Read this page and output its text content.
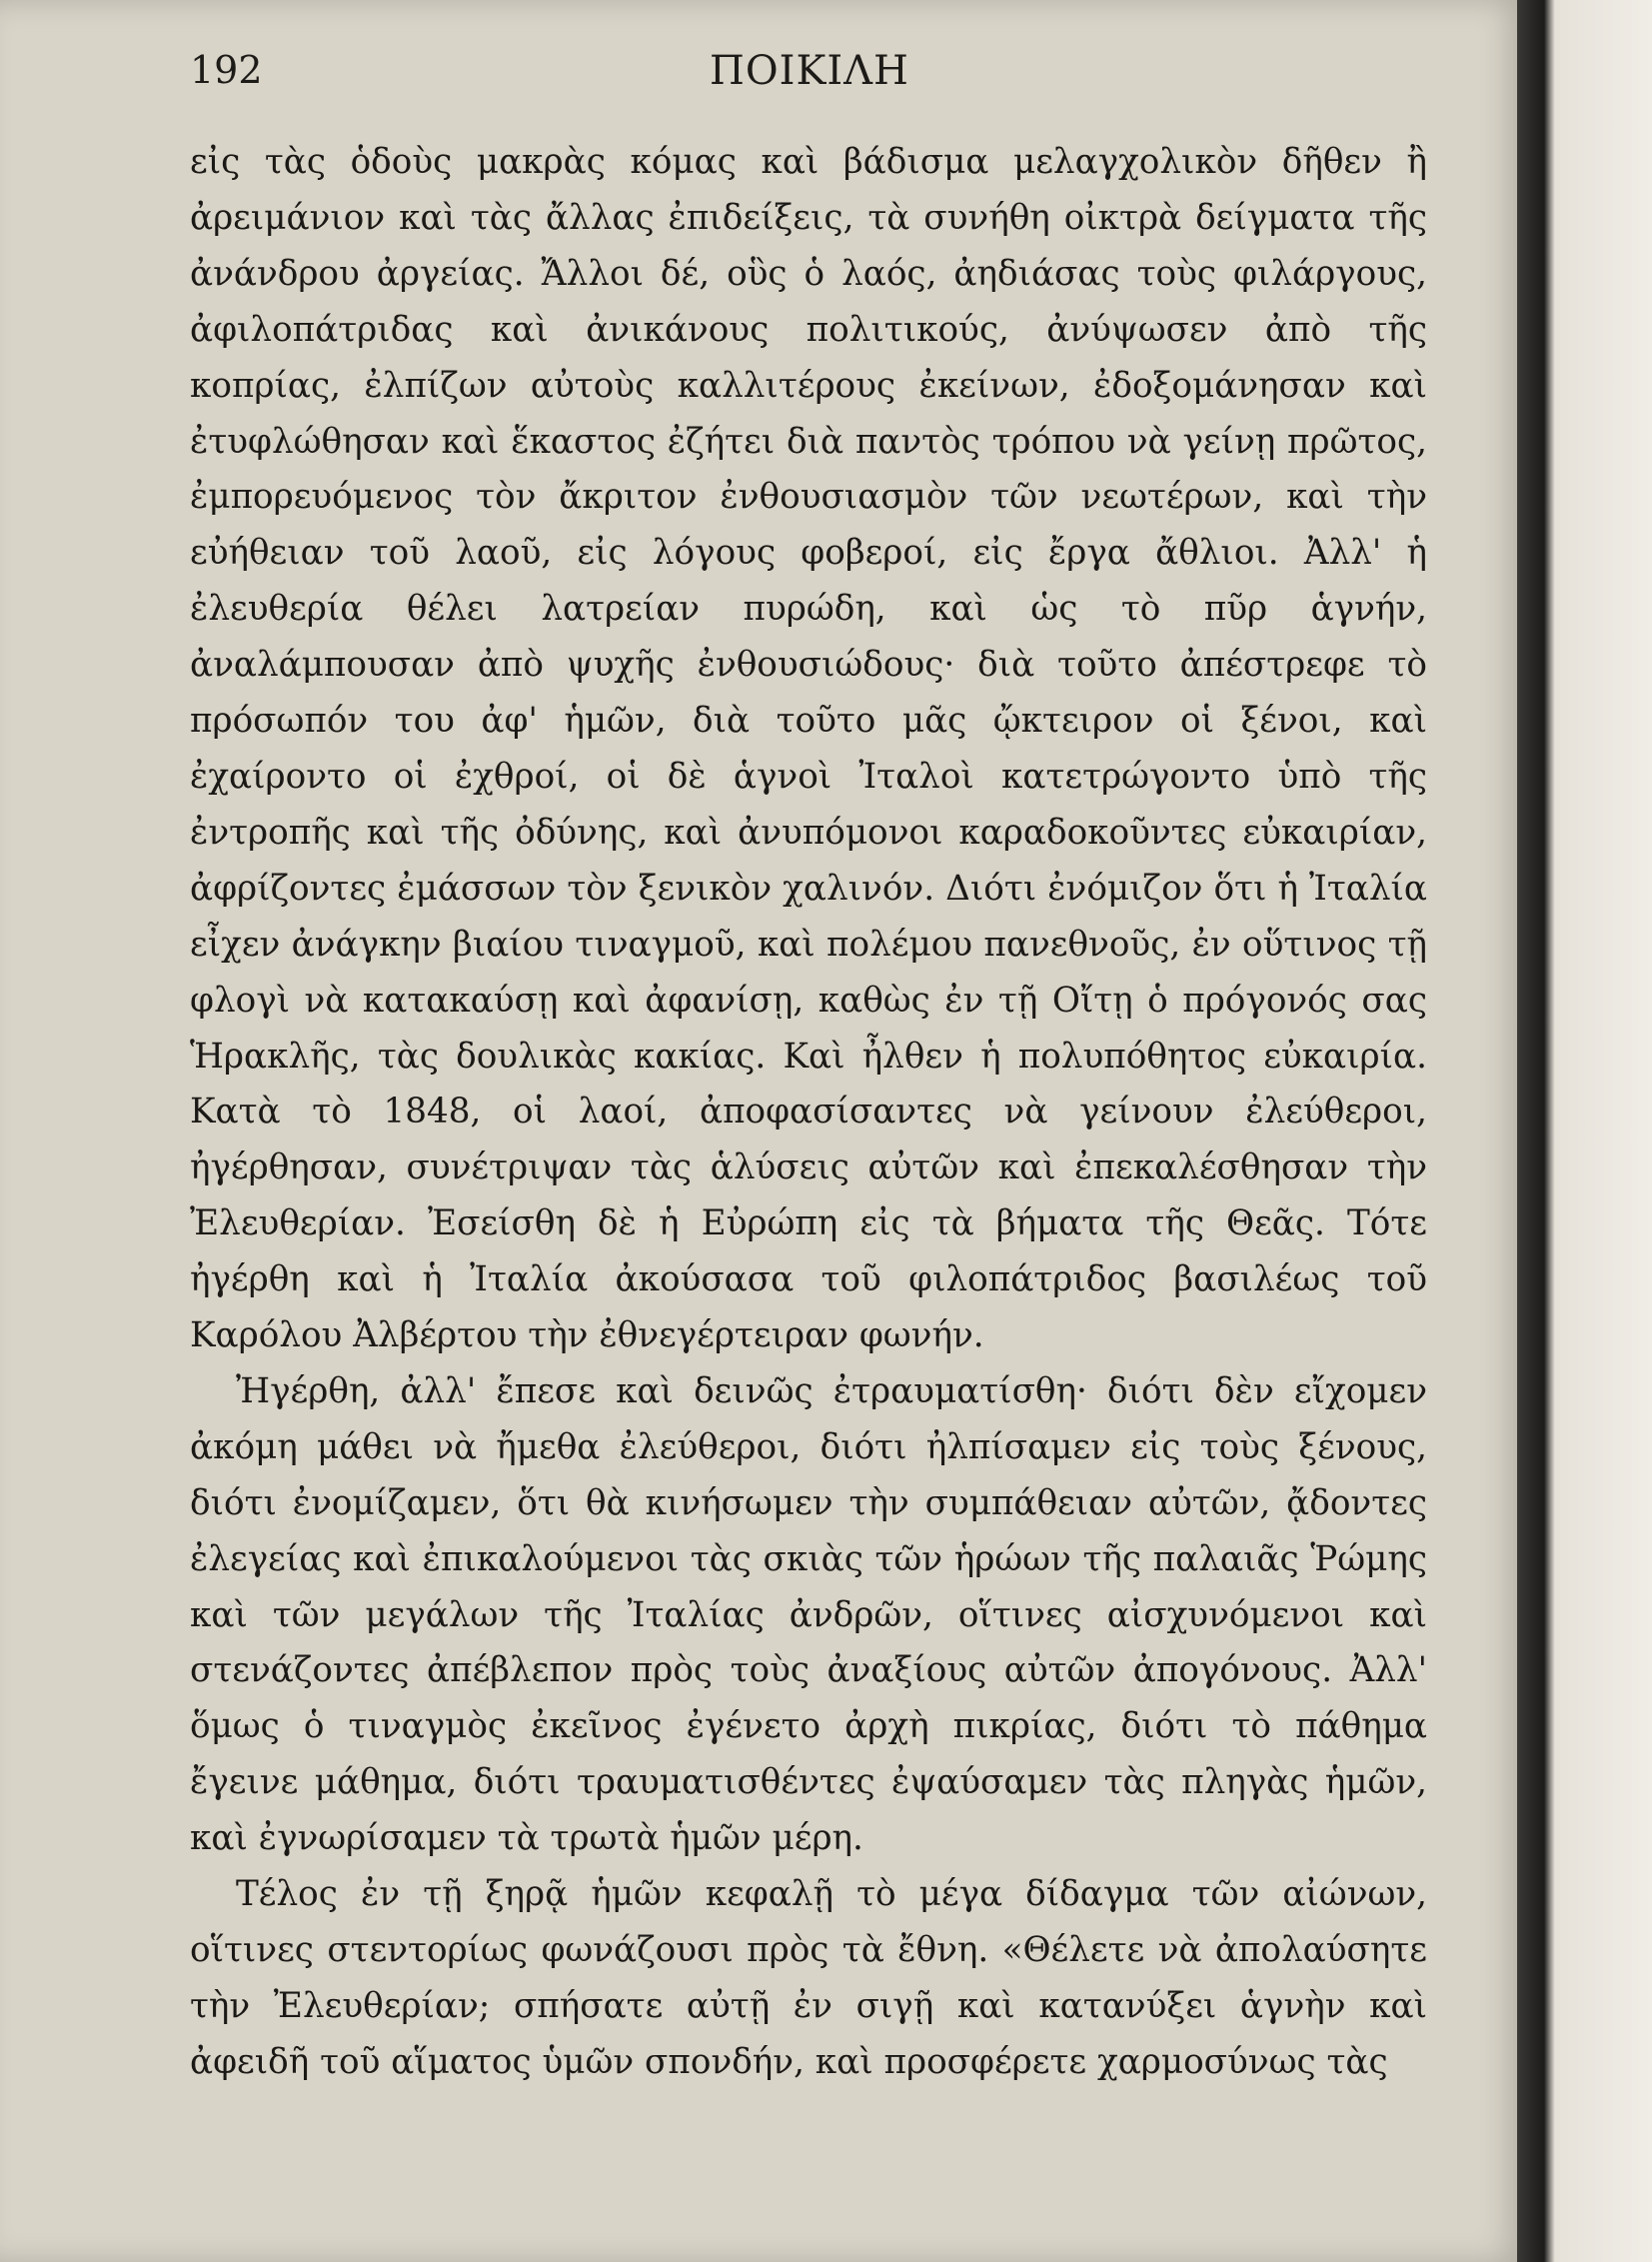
192	ΠΟΙΚΙΛΗ

εἰς τὰς ὁδοὺς μακρὰς κόμας καὶ βάδισμα μελαγχολικὸν δῆθεν ἢ ἀρειμάνιον καὶ τὰς ἄλλας ἐπιδείξεις, τὰ συνήθη οἰκτρὰ δείγματα τῆς ἀνάνδρου ἀργείας. Ἄλλοι δέ, οὓς ὁ λαός, ἀηδιάσας τοὺς φιλάργους, ἀφιλοπάτριδας καὶ ἀνικάνους πολιτικούς, ἀνύψωσεν ἀπὸ τῆς κοπρίας, ἐλπίζων αὐτοὺς καλλιτέρους ἐκείνων, ἐδοξομάνησαν καὶ ἐτυφλώθησαν καὶ ἕκαστος ἐζήτει διὰ παντὸς τρόπου νὰ γείνῃ πρῶτος, ἐμπορευόμενος τὸν ἄκριτον ἐνθουσιασμὸν τῶν νεωτέρων, καὶ τὴν εὐήθειαν τοῦ λαοῦ, εἰς λόγους φοβεροί, εἰς ἔργα ἄθλιοι. Ἀλλ' ἡ ἐλευθερία θέλει λατρείαν πυρώδη, καὶ ὡς τὸ πῦρ ἁγνήν, ἀναλάμπουσαν ἀπὸ ψυχῆς ἐνθουσιώδους· διὰ τοῦτο ἀπέστρεφε τὸ πρόσωπόν του ἀφ' ἡμῶν, διὰ τοῦτο μᾶς ᾤκτειρον οἱ ξένοι, καὶ ἐχαίροντο οἱ ἐχθροί, οἱ δὲ ἁγνοὶ Ἰταλοὶ κατετρώγοντο ὑπὸ τῆς ἐντροπῆς καὶ τῆς ὀδύνης, καὶ ἀνυπόμονοι καραδοκοῦντες εὐκαιρίαν, ἀφρίζοντες ἐμάσσων τὸν ξενικὸν χαλινόν. Διότι ἐνόμιζον ὅτι ἡ Ἰταλία εἶχεν ἀνάγκην βιαίου τιναγμοῦ, καὶ πολέμου πανεθνοῦς, ἐν οὕτινος τῇ φλογὶ νὰ κατακαύσῃ καὶ ἀφανίσῃ, καθὼς ἐν τῇ Οἴτῃ ὁ πρόγονός σας Ἡρακλῆς, τὰς δουλικὰς κακίας. Καὶ ἦλθεν ἡ πολυπόθητος εὐκαιρία. Κατὰ τὸ 1848, οἱ λαοί, ἀποφασίσαντες νὰ γείνουν ἐλεύθεροι, ἠγέρθησαν, συνέτριψαν τὰς ἁλύσεις αὐτῶν καὶ ἐπεκαλέσθησαν τὴν Ἐλευθερίαν. Ἐσείσθη δὲ ἡ Εὐρώπη εἰς τὰ βήματα τῆς Θεᾶς. Τότε ἠγέρθη καὶ ἡ Ἰταλία ἀκούσασα τοῦ φιλοπάτριδος βασιλέως τοῦ Καρόλου Ἀλβέρτου τὴν ἐθνεγέρτειραν φωνήν.

Ἠγέρθη, ἀλλ' ἔπεσε καὶ δεινῶς ἐτραυματίσθη· διότι δὲν εἴχομεν ἀκόμη μάθει νὰ ἤμεθα ἐλεύθεροι, διότι ἠλπίσαμεν εἰς τοὺς ξένους, διότι ἐνομίζαμεν, ὅτι θὰ κινήσωμεν τὴν συμπάθειαν αὐτῶν, ᾄδοντες ἐλεγείας καὶ ἐπικαλούμενοι τὰς σκιὰς τῶν ἡρώων τῆς παλαιᾶς Ῥώμης καὶ τῶν μεγάλων τῆς Ἰταλίας ἀνδρῶν, οἵτινες αἰσχυνόμενοι καὶ στενάζοντες ἀπέβλεπον πρὸς τοὺς ἀναξίους αὐτῶν ἀπογόνους. Ἀλλ' ὅμως ὁ τιναγμὸς ἐκεῖνος ἐγένετο ἀρχὴ πικρίας, διότι τὸ πάθημα ἔγεινε μάθημα, διότι τραυματισθέντες ἐψαύσαμεν τὰς πληγὰς ἡμῶν, καὶ ἐγνωρίσαμεν τὰ τρωτὰ ἡμῶν μέρη.

Τέλος ἐν τῇ ξηρᾷ ἡμῶν κεφαλῇ τὸ μέγα δίδαγμα τῶν αἰώνων, οἵτινες στεντορίως φωνάζουσι πρὸς τὰ ἔθνη. «Θέλετε νὰ ἀπολαύσητε τὴν Ἐλευθερίαν; σπήσατε αὐτῇ ἐν σιγῇ καὶ κατανύξει ἁγνὴν καὶ ἀφειδῆ τοῦ αἵματος ὑμῶν σπονδήν, καὶ προσφέρετε χαρμοσύνως τὰς
